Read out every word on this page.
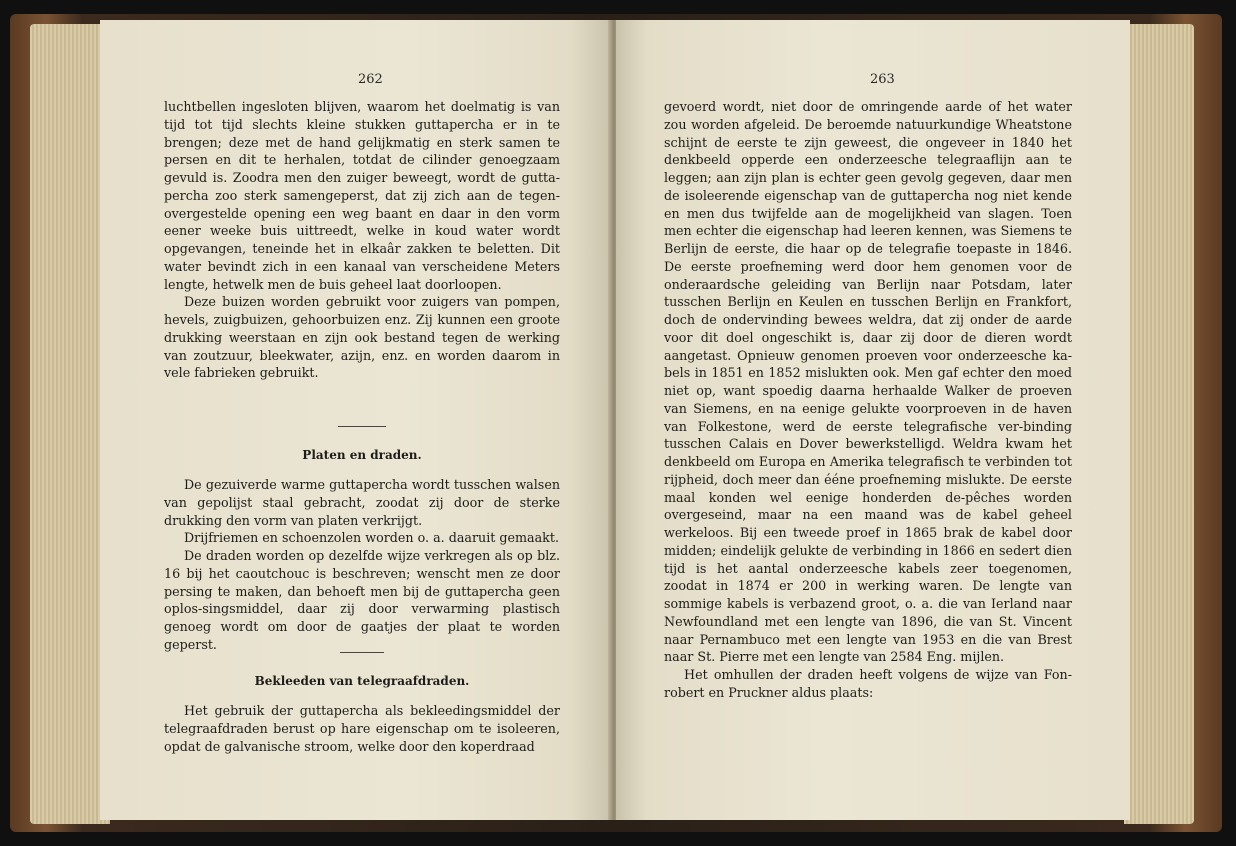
262

luchtbellen ingesloten blijven, waarom het doelmatig is van tijd tot tijd slechts kleine stukken guttapercha er in te brengen; deze met de hand gelijkmatig en sterk samen te persen en dit te herhalen, totdat de cilinder genoegzaam gevuld is. Zoodra men den zuiger beweegt, wordt de gutta-percha zoo sterk samengeperst, dat zij zich aan de tegen-overgestelde opening een weg baant en daar in den vorm eener weeke buis uittreedt, welke in koud water wordt opgevangen, teneinde het in elkaâr zakken te beletten. Dit water bevindt zich in een kanaal van verscheidene Meters lengte, hetwelk men de buis geheel laat doorloopen.

Deze buizen worden gebruikt voor zuigers van pompen, hevels, zuigbuizen, gehoorbuizen enz. Zij kunnen een groote drukking weerstaan en zijn ook bestand tegen de werking van zoutzuur, bleekwater, azijn, enz. en worden daarom in vele fabrieken gebruikt.

Platen en draden.

De gezuiverde warme guttapercha wordt tusschen walsen van gepolijst staal gebracht, zoodat zij door de sterke drukking den vorm van platen verkrijgt.

Drijfriemen en schoenzolen worden o. a. daaruit gemaakt.

De draden worden op dezelfde wijze verkregen als op blz. 16 bij het caoutchouc is beschreven; wenscht men ze door persing te maken, dan behoeft men bij de guttapercha geen oplos-singsmiddel, daar zij door verwarming plastisch genoeg wordt om door de gaatjes der plaat te worden geperst.

Bekleeden van telegraafdraden.

Het gebruik der guttapercha als bekleedingsmiddel der telegraafdraden berust op hare eigenschap om te isoleeren, opdat de galvanische stroom, welke door den koperdraad

263

gevoerd wordt, niet door de omringende aarde of het water zou worden afgeleid. De beroemde natuurkundige Wheatstone schijnt de eerste te zijn geweest, die ongeveer in 1840 het denkbeeld opperde een onderzeesche telegraaflijn aan te leggen; aan zijn plan is echter geen gevolg gegeven, daar men de isoleerende eigenschap van de guttapercha nog niet kende en men dus twijfelde aan de mogelijkheid van slagen. Toen men echter die eigenschap had leeren kennen, was Siemens te Berlijn de eerste, die haar op de telegrafie toepaste in 1846. De eerste proefneming werd door hem genomen voor de onderaardsche geleiding van Berlijn naar Potsdam, later tusschen Berlijn en Keulen en tusschen Berlijn en Frankfort, doch de ondervinding bewees weldra, dat zij onder de aarde voor dit doel ongeschikt is, daar zij door de dieren wordt aangetast. Opnieuw genomen proeven voor onderzeesche ka-bels in 1851 en 1852 mislukten ook. Men gaf echter den moed niet op, want spoedig daarna herhaalde Walker de proeven van Siemens, en na eenige gelukte voorproeven in de haven van Folkestone, werd de eerste telegrafische ver-binding tusschen Calais en Dover bewerkstelligd. Weldra kwam het denkbeeld om Europa en Amerika telegrafisch te verbinden tot rijpheid, doch meer dan ééne proefneming mislukte. De eerste maal konden wel eenige honderden de-pêches worden overgeseind, maar na een maand was de kabel geheel werkeloos. Bij een tweede proef in 1865 brak de kabel door midden; eindelijk gelukte de verbinding in 1866 en sedert dien tijd is het aantal onderzeesche kabels zeer toegenomen, zoodat in 1874 er 200 in werking waren. De lengte van sommige kabels is verbazend groot, o. a. die van Ierland naar Newfoundland met een lengte van 1896, die van St. Vincent naar Pernambuco met een lengte van 1953 en die van Brest naar St. Pierre met een lengte van 2584 Eng. mijlen.

Het omhullen der draden heeft volgens de wijze van Fon-robert en Pruckner aldus plaats:
